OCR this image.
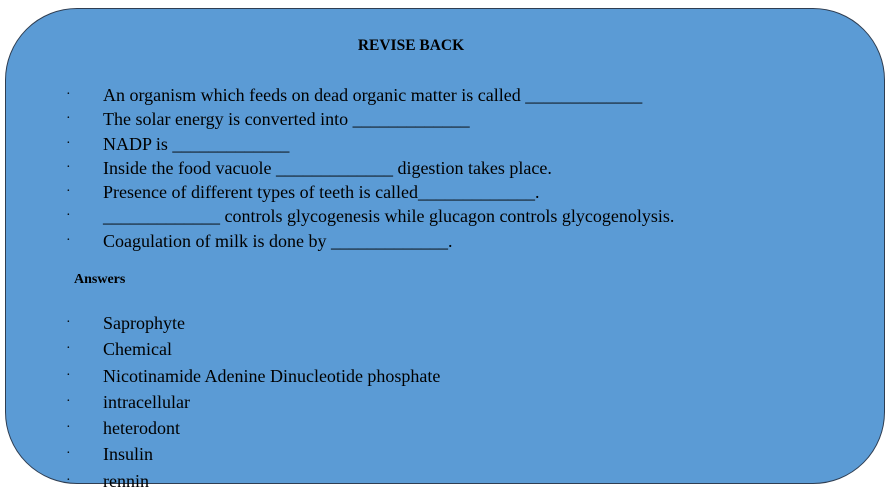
REVISE BACK
· An organism which feeds on dead organic matter is called _____________
· The solar energy is converted into _____________
· NADP is _____________
· Inside the food vacuole _____________ digestion takes place.
· Presence of different types of teeth is called_____________.
· _____________ controls glycogenesis while glucagon controls glycogenolysis.
· Coagulation of milk is done by _____________.
Answers
· Saprophyte
· Chemical
· Nicotinamide Adenine Dinucleotide phosphate
· intracellular
· heterodont
· Insulin
· rennin
